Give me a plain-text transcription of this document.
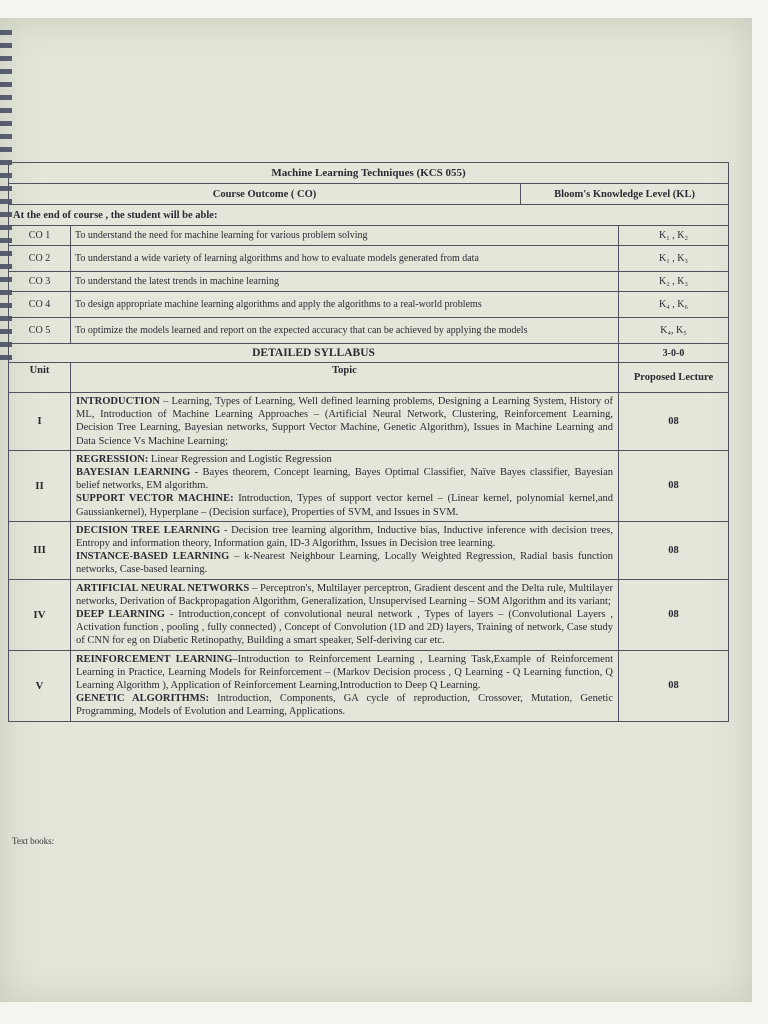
Machine Learning Techniques (KCS 055)
Course Outcome ( CO)	Bloom's Knowledge Level (KL)
At the end of course , the student will be able:
CO 1	To understand the need for machine learning for various problem solving	K₁ , K₂
CO 2	To understand a wide variety of learning algorithms and how to evaluate models generated from data	K₁ , K₃
CO 3	To understand the latest trends in machine learning	K₂ , K₃
CO 4	To design appropriate machine learning algorithms and apply the algorithms to a real-world problems	K₄ , K₆
CO 5	To optimize the models learned and report on the expected accuracy that can be achieved by applying the models	K₄, K₅
DETAILED SYLLABUS		3-0-0
Unit	Topic	Proposed Lecture
I	INTRODUCTION – Learning, Types of Learning, Well defined learning problems, Designing a Learning System, History of ML, Introduction of Machine Learning Approaches – (Artificial Neural Network, Clustering, Reinforcement Learning, Decision Tree Learning, Bayesian networks, Support Vector Machine, Genetic Algorithm), Issues in Machine Learning and Data Science Vs Machine Learning;	08
II	REGRESSION: Linear Regression and Logistic Regression

BAYESIAN LEARNING - Bayes theorem, Concept learning, Bayes Optimal Classifier, Naïve Bayes classifier, Bayesian belief networks, EM algorithm.

SUPPORT VECTOR MACHINE: Introduction, Types of support vector kernel – (Linear kernel, polynomial kernel,and Gaussiankernel), Hyperplane – (Decision surface), Properties of SVM, and Issues in SVM.	08
III	DECISION TREE LEARNING - Decision tree learning algorithm, Inductive bias, Inductive inference with decision trees, Entropy and information theory, Information gain, ID-3 Algorithm, Issues in Decision tree learning.

INSTANCE-BASED LEARNING – k-Nearest Neighbour Learning, Locally Weighted Regression, Radial basis function networks, Case-based learning.	08
IV	ARTIFICIAL NEURAL NETWORKS – Perceptron's, Multilayer perceptron, Gradient descent and the Delta rule, Multilayer networks, Derivation of Backpropagation Algorithm, Generalization, Unsupervised Learning – SOM Algorithm and its variant;

DEEP LEARNING - Introduction,concept of convolutional neural network , Types of layers – (Convolutional Layers , Activation function , pooling , fully connected) , Concept of Convolution (1D and 2D) layers, Training of network, Case study of CNN for eg on Diabetic Retinopathy, Building a smart speaker, Self-deriving car etc.	08
V	REINFORCEMENT LEARNING–Introduction to Reinforcement Learning , Learning Task,Example of Reinforcement Learning in Practice, Learning Models for Reinforcement – (Markov Decision process , Q Learning - Q Learning function, Q Learning Algorithm ), Application of Reinforcement Learning,Introduction to Deep Q Learning.

GENETIC ALGORITHMS: Introduction, Components, GA cycle of reproduction, Crossover, Mutation, Genetic Programming, Models of Evolution and Learning, Applications.	08
Text books:
